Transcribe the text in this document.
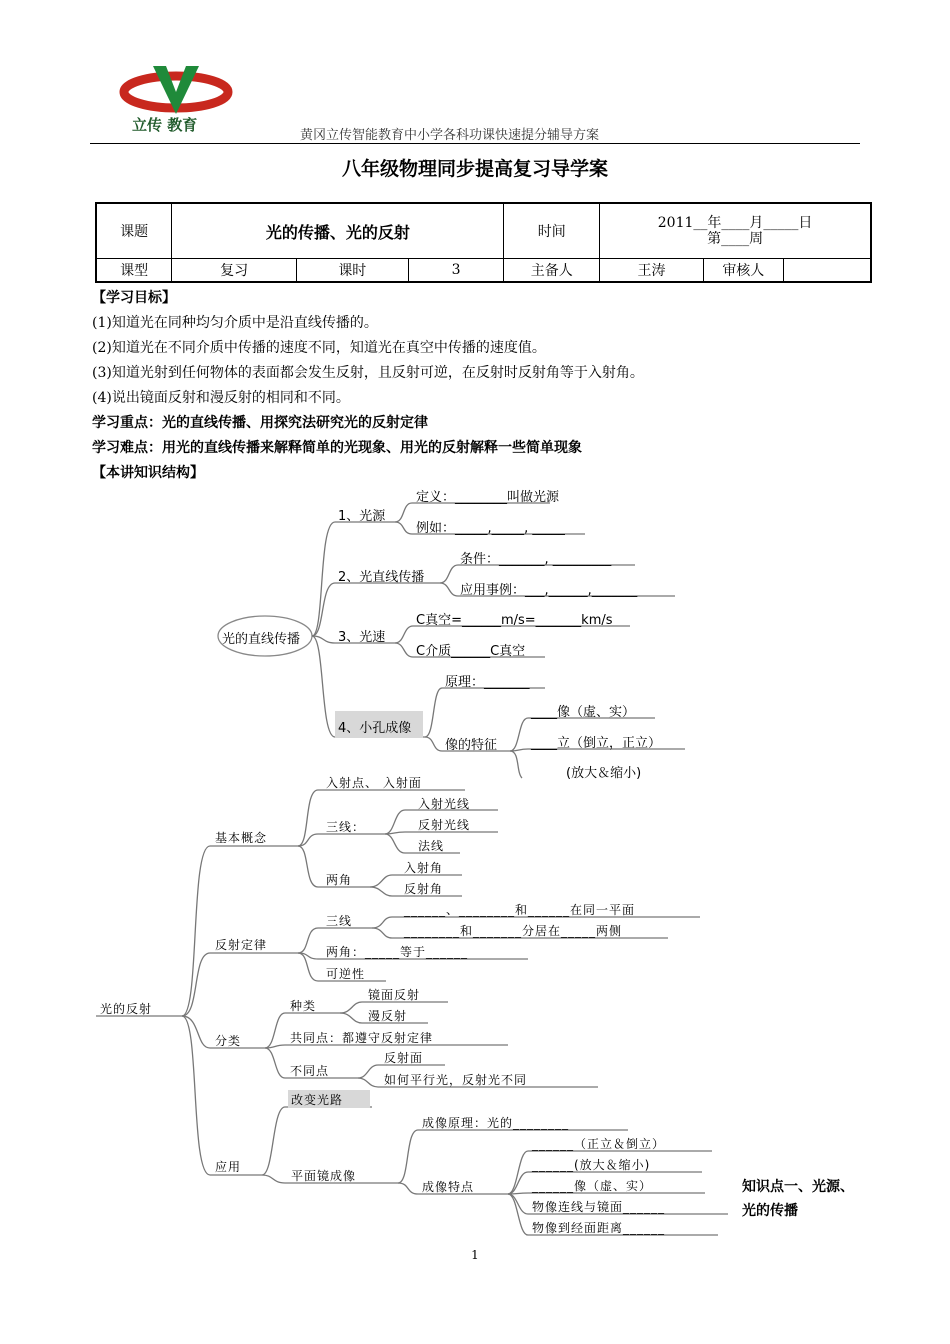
立传 教育
黄冈立传智能教育中小学各科功课快速提分辅导方案
八年级物理同步提高复习导学案
课题	光的传播、光的反射			时间	2011__年____月_____日
第____周		

课型	复习	课时	3	主备人	王涛	审核人	
【学习目标】
(1)知道光在同种均匀介质中是沿直线传播的。
(2)知道光在不同介质中传播的速度不同，知道光在真空中传播的速度值。
(3)知道光射到任何物体的表面都会发生反射，且反射可逆，在反射时反射角等于入射角。
(4)说出镜面反射和漫反射的相同和不同。
学习重点：光的直线传播、用探究法研究光的反射定律
学习难点：用光的直线传播来解释简单的光现象、用光的反射解释一些简单现象
【本讲知识结构】
光的直线传播
1、光源
定义：________叫做光源
例如：_____,_____, _____
2、光直线传播
条件：_______, _________
应用事例：___,______,_______
3、光速
C真空=______m/s=_______km/s
C介质______C真空
4、小孔成像
原理：_______
像的特征
____像（虚、实）
____立（倒立，正立）
(放大＆缩小)
光的反射
基本概念
入射点、 入射面
三线：
入射光线
反射光线
法线
两角
入射角
反射角
反射定律
三线
______、________和______在同一平面
________和_______分居在_____两侧
两角：_____等于______
可逆性
分类
种类
镜面反射
漫反射
共同点：都遵守反射定律
不同点
反射面
如何平行光，反射光不同
应用
改变光路
平面镜成像
成像原理：光的________
成像特点
______（正立＆倒立）
______(放大＆缩小)
______像（虚、实）
物像连线与镜面______
物像到经面距离______
知识点一、光源、
光的传播
1
